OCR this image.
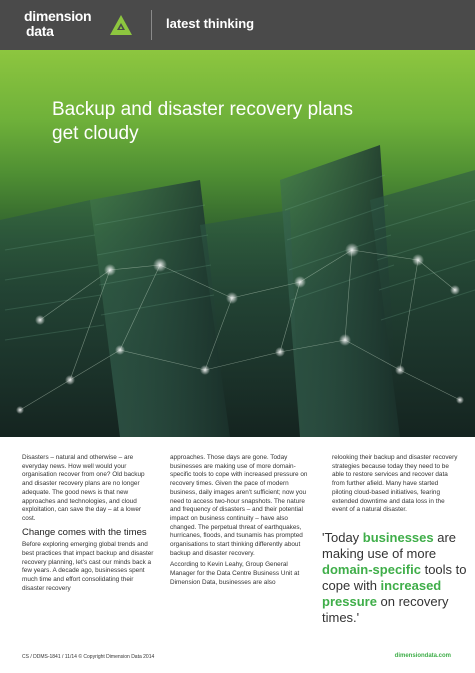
dimension
data	latest thinking
Backup and disaster recovery plans get cloudy

Disasters – natural and otherwise – are everyday news. How well would your organisation recover from one? Old backup and disaster recovery plans are no longer adequate. The good news is that new approaches and technologies, and cloud exploitation, can save the day – at a lower cost.

Change comes with the times

Before exploring emerging global trends and best practices that impact backup and disaster recovery planning, let's cast our minds back a few years. A decade ago, businesses spent much time and effort consolidating their disaster recovery

approaches. Those days are gone. Today businesses are making use of more domain-specific tools to cope with increased pressure on recovery times. Given the pace of modern business, daily images aren't sufficient; now you need to access two-hour snapshots. The nature and frequency of disasters – and their potential impact on business continuity – have also changed. The perpetual threat of earthquakes, hurricanes, floods, and tsunamis has prompted organisations to start thinking differently about backup and disaster recovery.

According to Kevin Leahy, Group General Manager for the Data Centre Business Unit at Dimension Data, businesses are also

relooking their backup and disaster recovery strategies because today they need to be able to restore services and recover data from further afield. Many have started piloting cloud-based initiatives, fearing extended downtime and data loss in the event of a natural disaster.

'Today businesses are making use of more domain-specific tools to cope with increased pressure on recovery times.'
CS / DDMS-1841 / 11/14 © Copyright Dimension Data 2014	dimensiondata.com
